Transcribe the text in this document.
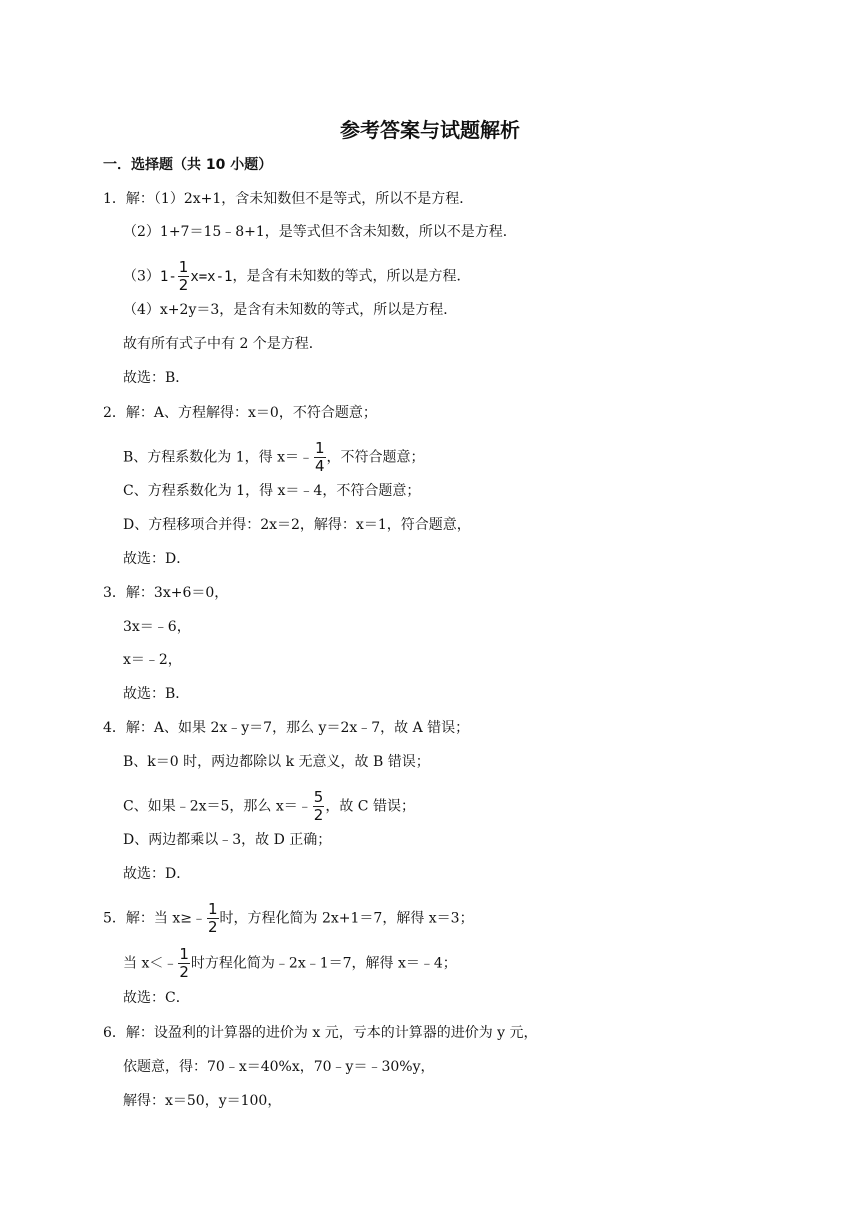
参考答案与试题解析
一．选择题（共 10 小题）
1．解：（1）2x+1，含未知数但不是等式，所以不是方程．
（2）1+7＝15﹣8+1，是等式但不含未知数，所以不是方程．
（3） $1- \frac{1}{2} x=x-1$ ，是含有未知数的等式，所以是方程．
（4）x+2y＝3，是含有未知数的等式，所以是方程．
故有所有式子中有 2 个是方程．
故选：B．
2．解：A、方程解得：x＝0，不符合题意；
B、方程系数化为 1，得 x＝﹣ $\frac{1}{4}$ ，不符合题意；
C、方程系数化为 1，得 x＝﹣4，不符合题意；
D、方程移项合并得：2x＝2，解得：x＝1，符合题意，
故选：D．
3．解：3x+6＝0，
3x＝﹣6，
x＝﹣2，
故选：B．
4．解：A、如果 2x﹣y＝7，那么 y＝2x﹣7，故 A 错误；
B、k＝0 时，两边都除以 k 无意义，故 B 错误；
C、如果﹣2x＝5，那么 x＝﹣ $\frac{5}{2}$ ，故 C 错误；
D、两边都乘以﹣3，故 D 正确；
故选：D．
5．解：当 x≥﹣ $\frac{1}{2}$ 时，方程化简为 2x+1＝7，解得 x＝3；
当 x＜﹣ $\frac{1}{2}$ 时方程化简为﹣2x﹣1＝7，解得 x＝﹣4；
故选：C．
6．解：设盈利的计算器的进价为 x 元，亏本的计算器的进价为 y 元，
依题意，得：70﹣x＝40%x，70﹣y＝﹣30%y，
解得：x＝50，y＝100，
